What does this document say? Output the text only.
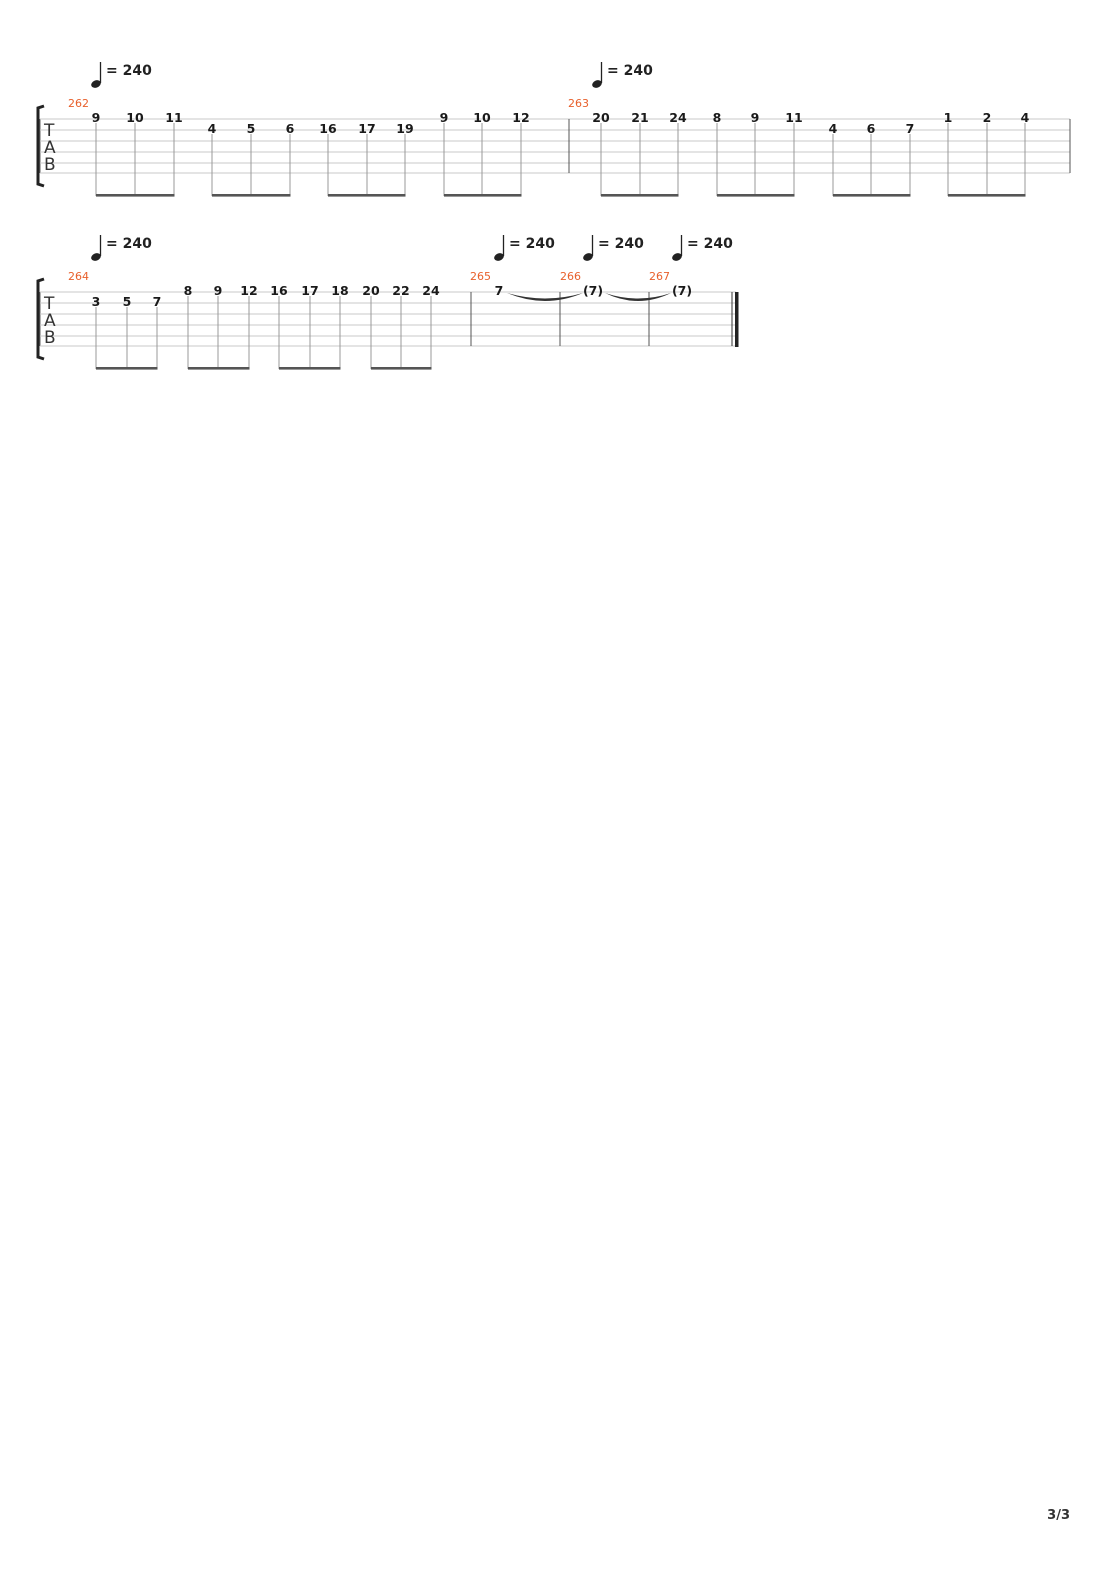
T
A
B
= 240	= 240
262	263
9 10 11
4 5 6 16 17 19
9 10 12	20 21 24 8 9 11
4 6 7
1 2 4
T
A
B
= 240	= 240	= 240	= 240
264	265	266	267
3 5 7
8 9 12 16 17 18 20 22 24	7	(7)	(7)
3/3
